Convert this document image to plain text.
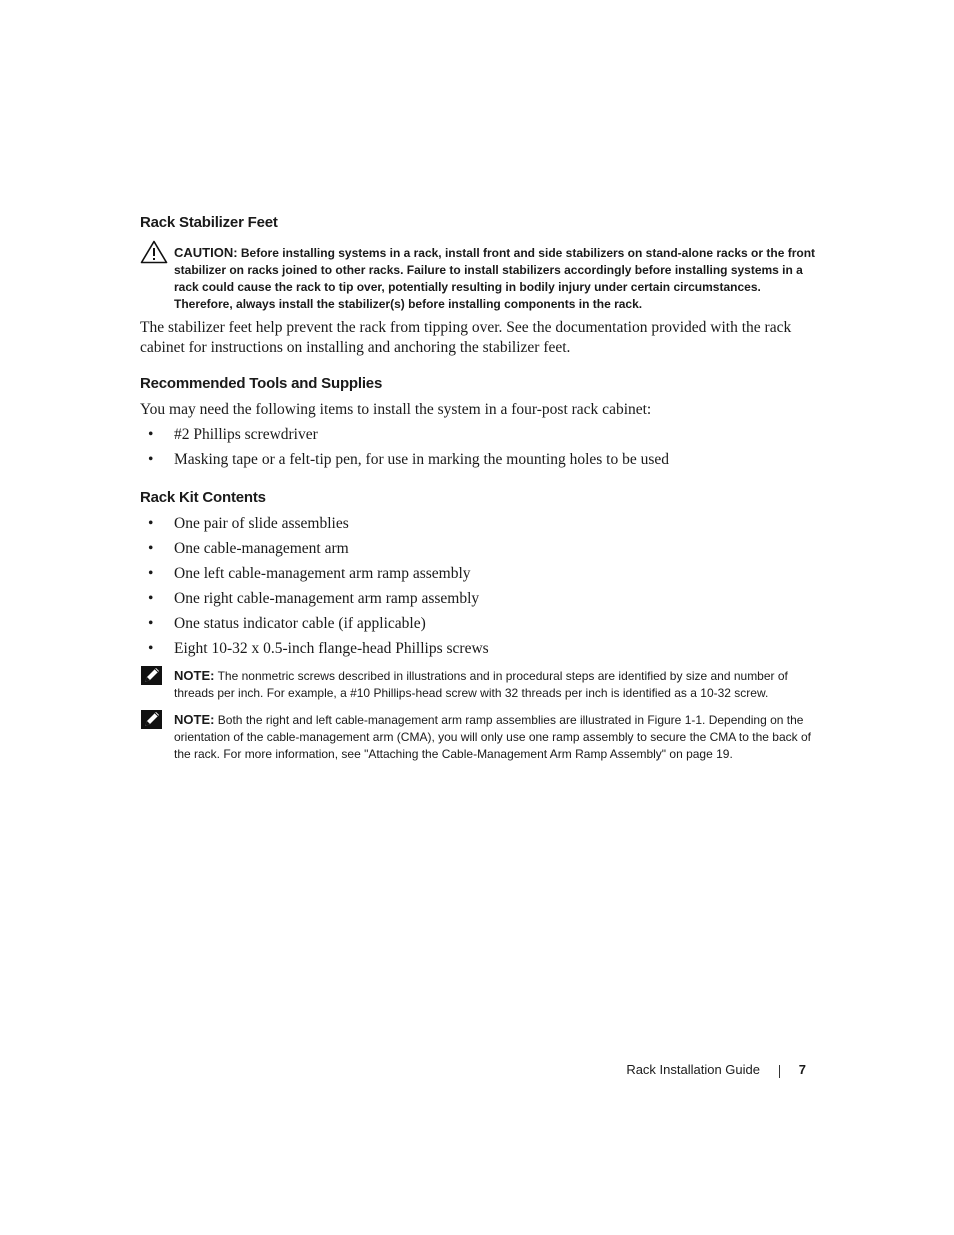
Rack Stabilizer Feet
CAUTION: Before installing systems in a rack, install front and side stabilizers on stand-alone racks or the front stabilizer on racks joined to other racks. Failure to install stabilizers accordingly before installing systems in a rack could cause the rack to tip over, potentially resulting in bodily injury under certain circumstances. Therefore, always install the stabilizer(s) before installing components in the rack.

The stabilizer feet help prevent the rack from tipping over. See the documentation provided with the rack cabinet for instructions on installing and anchoring the stabilizer feet.

Recommended Tools and Supplies

You may need the following items to install the system in a four-post rack cabinet:

• #2 Phillips screwdriver
• Masking tape or a felt-tip pen, for use in marking the mounting holes to be used
Rack Kit Contents
• One pair of slide assemblies
• One cable-management arm
• One left cable-management arm ramp assembly
• One right cable-management arm ramp assembly
• One status indicator cable (if applicable)
• Eight 10-32 x 0.5-inch flange-head Phillips screws
NOTE: The nonmetric screws described in illustrations and in procedural steps are identified by size and number of threads per inch. For example, a #10 Phillips-head screw with 32 threads per inch is identified as a 10-32 screw.
NOTE: Both the right and left cable-management arm ramp assemblies are illustrated in Figure 1-1. Depending on the orientation of the cable-management arm (CMA), you will only use one ramp assembly to secure the CMA to the back of the rack. For more information, see "Attaching the Cable-Management Arm Ramp Assembly" on page 19.
Rack Installation Guide	7
